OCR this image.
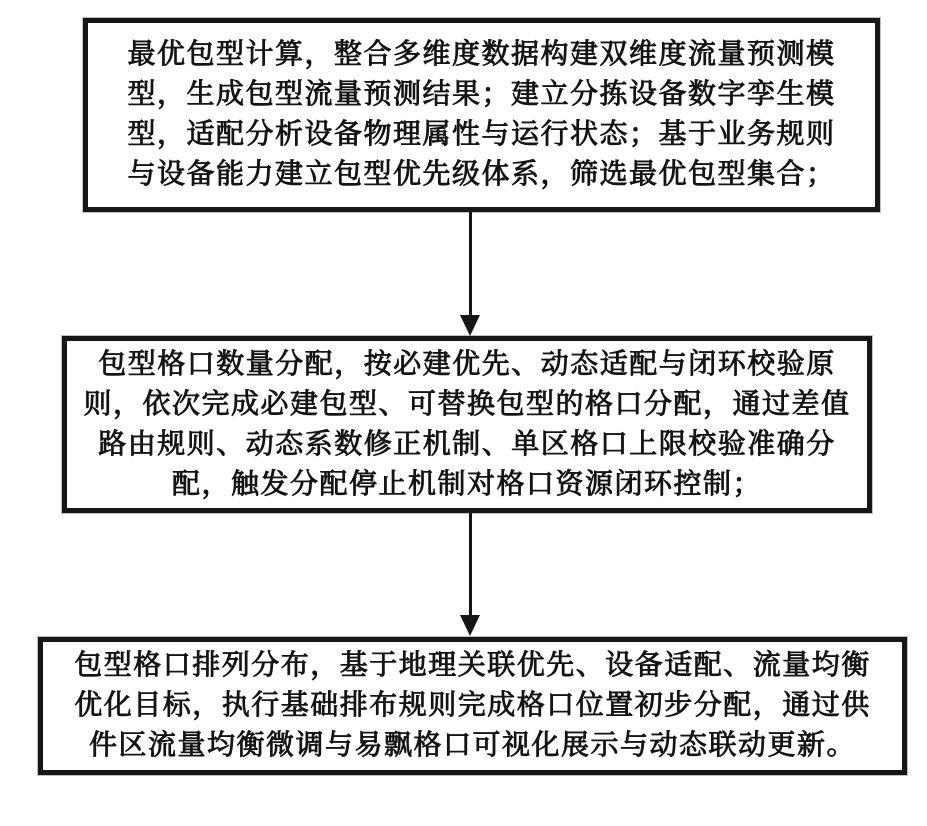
最优包型计算，整合多维度数据构建双维度流量预测模
型，生成包型流量预测结果；建立分拣设备数字孪生模
型，适配分析设备物理属性与运行状态；基于业务规则
与设备能力建立包型优先级体系，筛选最优包型集合；
包型格口数量分配，按必建优先、动态适配与闭环校验原
则，依次完成必建包型、可替换包型的格口分配，通过差值
路由规则、动态系数修正机制、单区格口上限校验准确分
配，触发分配停止机制对格口资源闭环控制；
包型格口排列分布，基于地理关联优先、设备适配、流量均衡
优化目标，执行基础排布规则完成格口位置初步分配，通过供
件区流量均衡微调与易飘格口可视化展示与动态联动更新。
